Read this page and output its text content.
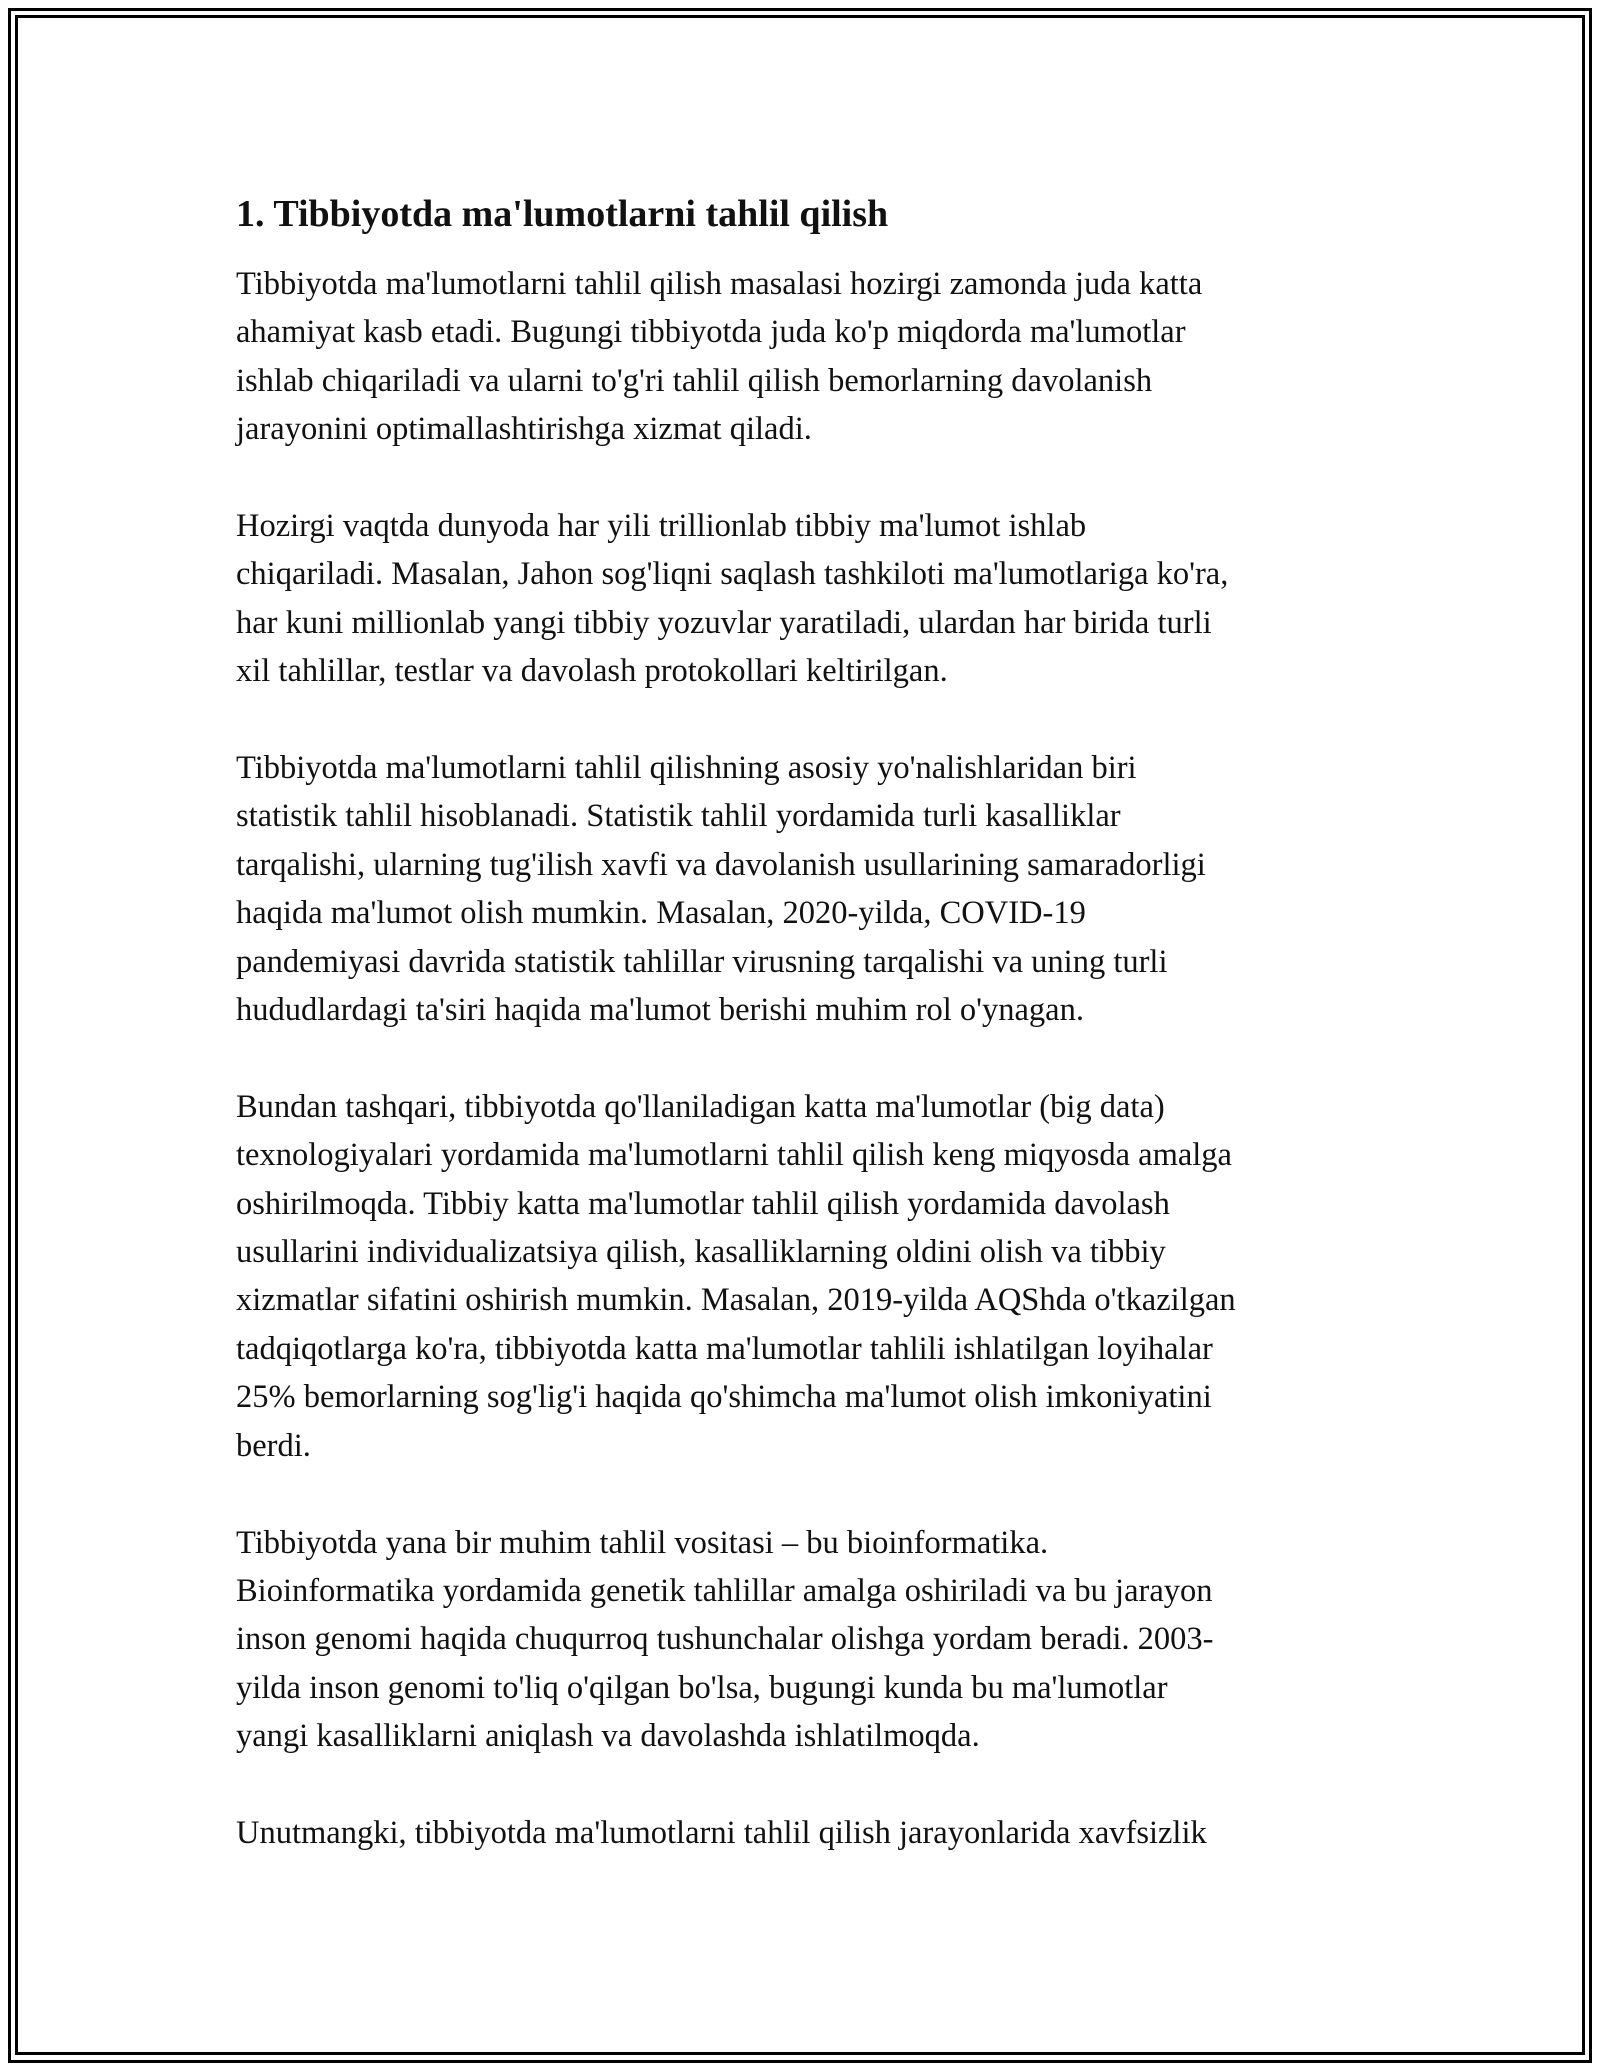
1. Tibbiyotda ma'lumotlarni tahlil qilish

Tibbiyotda ma'lumotlarni tahlil qilish masalasi hozirgi zamonda juda katta
ahamiyat kasb etadi. Bugungi tibbiyotda juda ko'p miqdorda ma'lumotlar
ishlab chiqariladi va ularni to'g'ri tahlil qilish bemorlarning davolanish
jarayonini optimallashtirishga xizmat qiladi.

Hozirgi vaqtda dunyoda har yili trillionlab tibbiy ma'lumot ishlab
chiqariladi. Masalan, Jahon sog'liqni saqlash tashkiloti ma'lumotlariga ko'ra,
har kuni millionlab yangi tibbiy yozuvlar yaratiladi, ulardan har birida turli
xil tahlillar, testlar va davolash protokollari keltirilgan.

Tibbiyotda ma'lumotlarni tahlil qilishning asosiy yo'nalishlaridan biri
statistik tahlil hisoblanadi. Statistik tahlil yordamida turli kasalliklar
tarqalishi, ularning tug'ilish xavfi va davolanish usullarining samaradorligi
haqida ma'lumot olish mumkin. Masalan, 2020-yilda, COVID-19
pandemiyasi davrida statistik tahlillar virusning tarqalishi va uning turli
hududlardagi ta'siri haqida ma'lumot berishi muhim rol o'ynagan.

Bundan tashqari, tibbiyotda qo'llaniladigan katta ma'lumotlar (big data)
texnologiyalari yordamida ma'lumotlarni tahlil qilish keng miqyosda amalga
oshirilmoqda. Tibbiy katta ma'lumotlar tahlil qilish yordamida davolash
usullarini individualizatsiya qilish, kasalliklarning oldini olish va tibbiy
xizmatlar sifatini oshirish mumkin. Masalan, 2019-yilda AQShda o'tkazilgan
tadqiqotlarga ko'ra, tibbiyotda katta ma'lumotlar tahlili ishlatilgan loyihalar
25% bemorlarning sog'lig'i haqida qo'shimcha ma'lumot olish imkoniyatini
berdi.

Tibbiyotda yana bir muhim tahlil vositasi – bu bioinformatika.
Bioinformatika yordamida genetik tahlillar amalga oshiriladi va bu jarayon
inson genomi haqida chuqurroq tushunchalar olishga yordam beradi. 2003-
yilda inson genomi to'liq o'qilgan bo'lsa, bugungi kunda bu ma'lumotlar
yangi kasalliklarni aniqlash va davolashda ishlatilmoqda.

Unutmangki, tibbiyotda ma'lumotlarni tahlil qilish jarayonlarida xavfsizlik
